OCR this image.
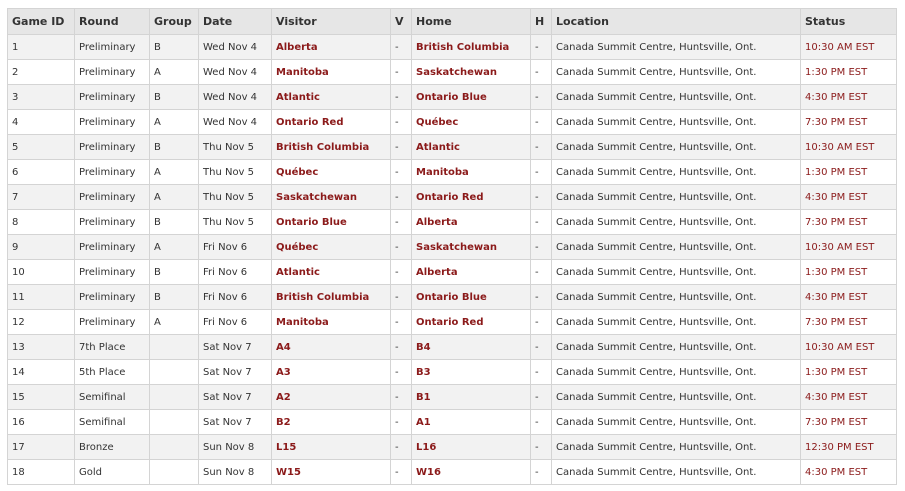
Game ID	Round	Group	Date	Visitor	V	Home	H	Location	Status
1	Preliminary	B	Wed Nov 4	Alberta	-	British Columbia	-	Canada Summit Centre, Huntsville, Ont.	10:30 AM EST
2	Preliminary	A	Wed Nov 4	Manitoba	-	Saskatchewan	-	Canada Summit Centre, Huntsville, Ont.	1:30 PM EST
3	Preliminary	B	Wed Nov 4	Atlantic	-	Ontario Blue	-	Canada Summit Centre, Huntsville, Ont.	4:30 PM EST
4	Preliminary	A	Wed Nov 4	Ontario Red	-	Québec	-	Canada Summit Centre, Huntsville, Ont.	7:30 PM EST
5	Preliminary	B	Thu Nov 5	British Columbia	-	Atlantic	-	Canada Summit Centre, Huntsville, Ont.	10:30 AM EST
6	Preliminary	A	Thu Nov 5	Québec	-	Manitoba	-	Canada Summit Centre, Huntsville, Ont.	1:30 PM EST
7	Preliminary	A	Thu Nov 5	Saskatchewan	-	Ontario Red	-	Canada Summit Centre, Huntsville, Ont.	4:30 PM EST
8	Preliminary	B	Thu Nov 5	Ontario Blue	-	Alberta	-	Canada Summit Centre, Huntsville, Ont.	7:30 PM EST
9	Preliminary	A	Fri Nov 6	Québec	-	Saskatchewan	-	Canada Summit Centre, Huntsville, Ont.	10:30 AM EST
10	Preliminary	B	Fri Nov 6	Atlantic	-	Alberta	-	Canada Summit Centre, Huntsville, Ont.	1:30 PM EST
11	Preliminary	B	Fri Nov 6	British Columbia	-	Ontario Blue	-	Canada Summit Centre, Huntsville, Ont.	4:30 PM EST
12	Preliminary	A	Fri Nov 6	Manitoba	-	Ontario Red	-	Canada Summit Centre, Huntsville, Ont.	7:30 PM EST
13	7th Place		Sat Nov 7	A4	-	B4	-	Canada Summit Centre, Huntsville, Ont.	10:30 AM EST
14	5th Place		Sat Nov 7	A3	-	B3	-	Canada Summit Centre, Huntsville, Ont.	1:30 PM EST
15	Semifinal		Sat Nov 7	A2	-	B1	-	Canada Summit Centre, Huntsville, Ont.	4:30 PM EST
16	Semifinal		Sat Nov 7	B2	-	A1	-	Canada Summit Centre, Huntsville, Ont.	7:30 PM EST
17	Bronze		Sun Nov 8	L15	-	L16	-	Canada Summit Centre, Huntsville, Ont.	12:30 PM EST
18	Gold		Sun Nov 8	W15	-	W16	-	Canada Summit Centre, Huntsville, Ont.	4:30 PM EST
